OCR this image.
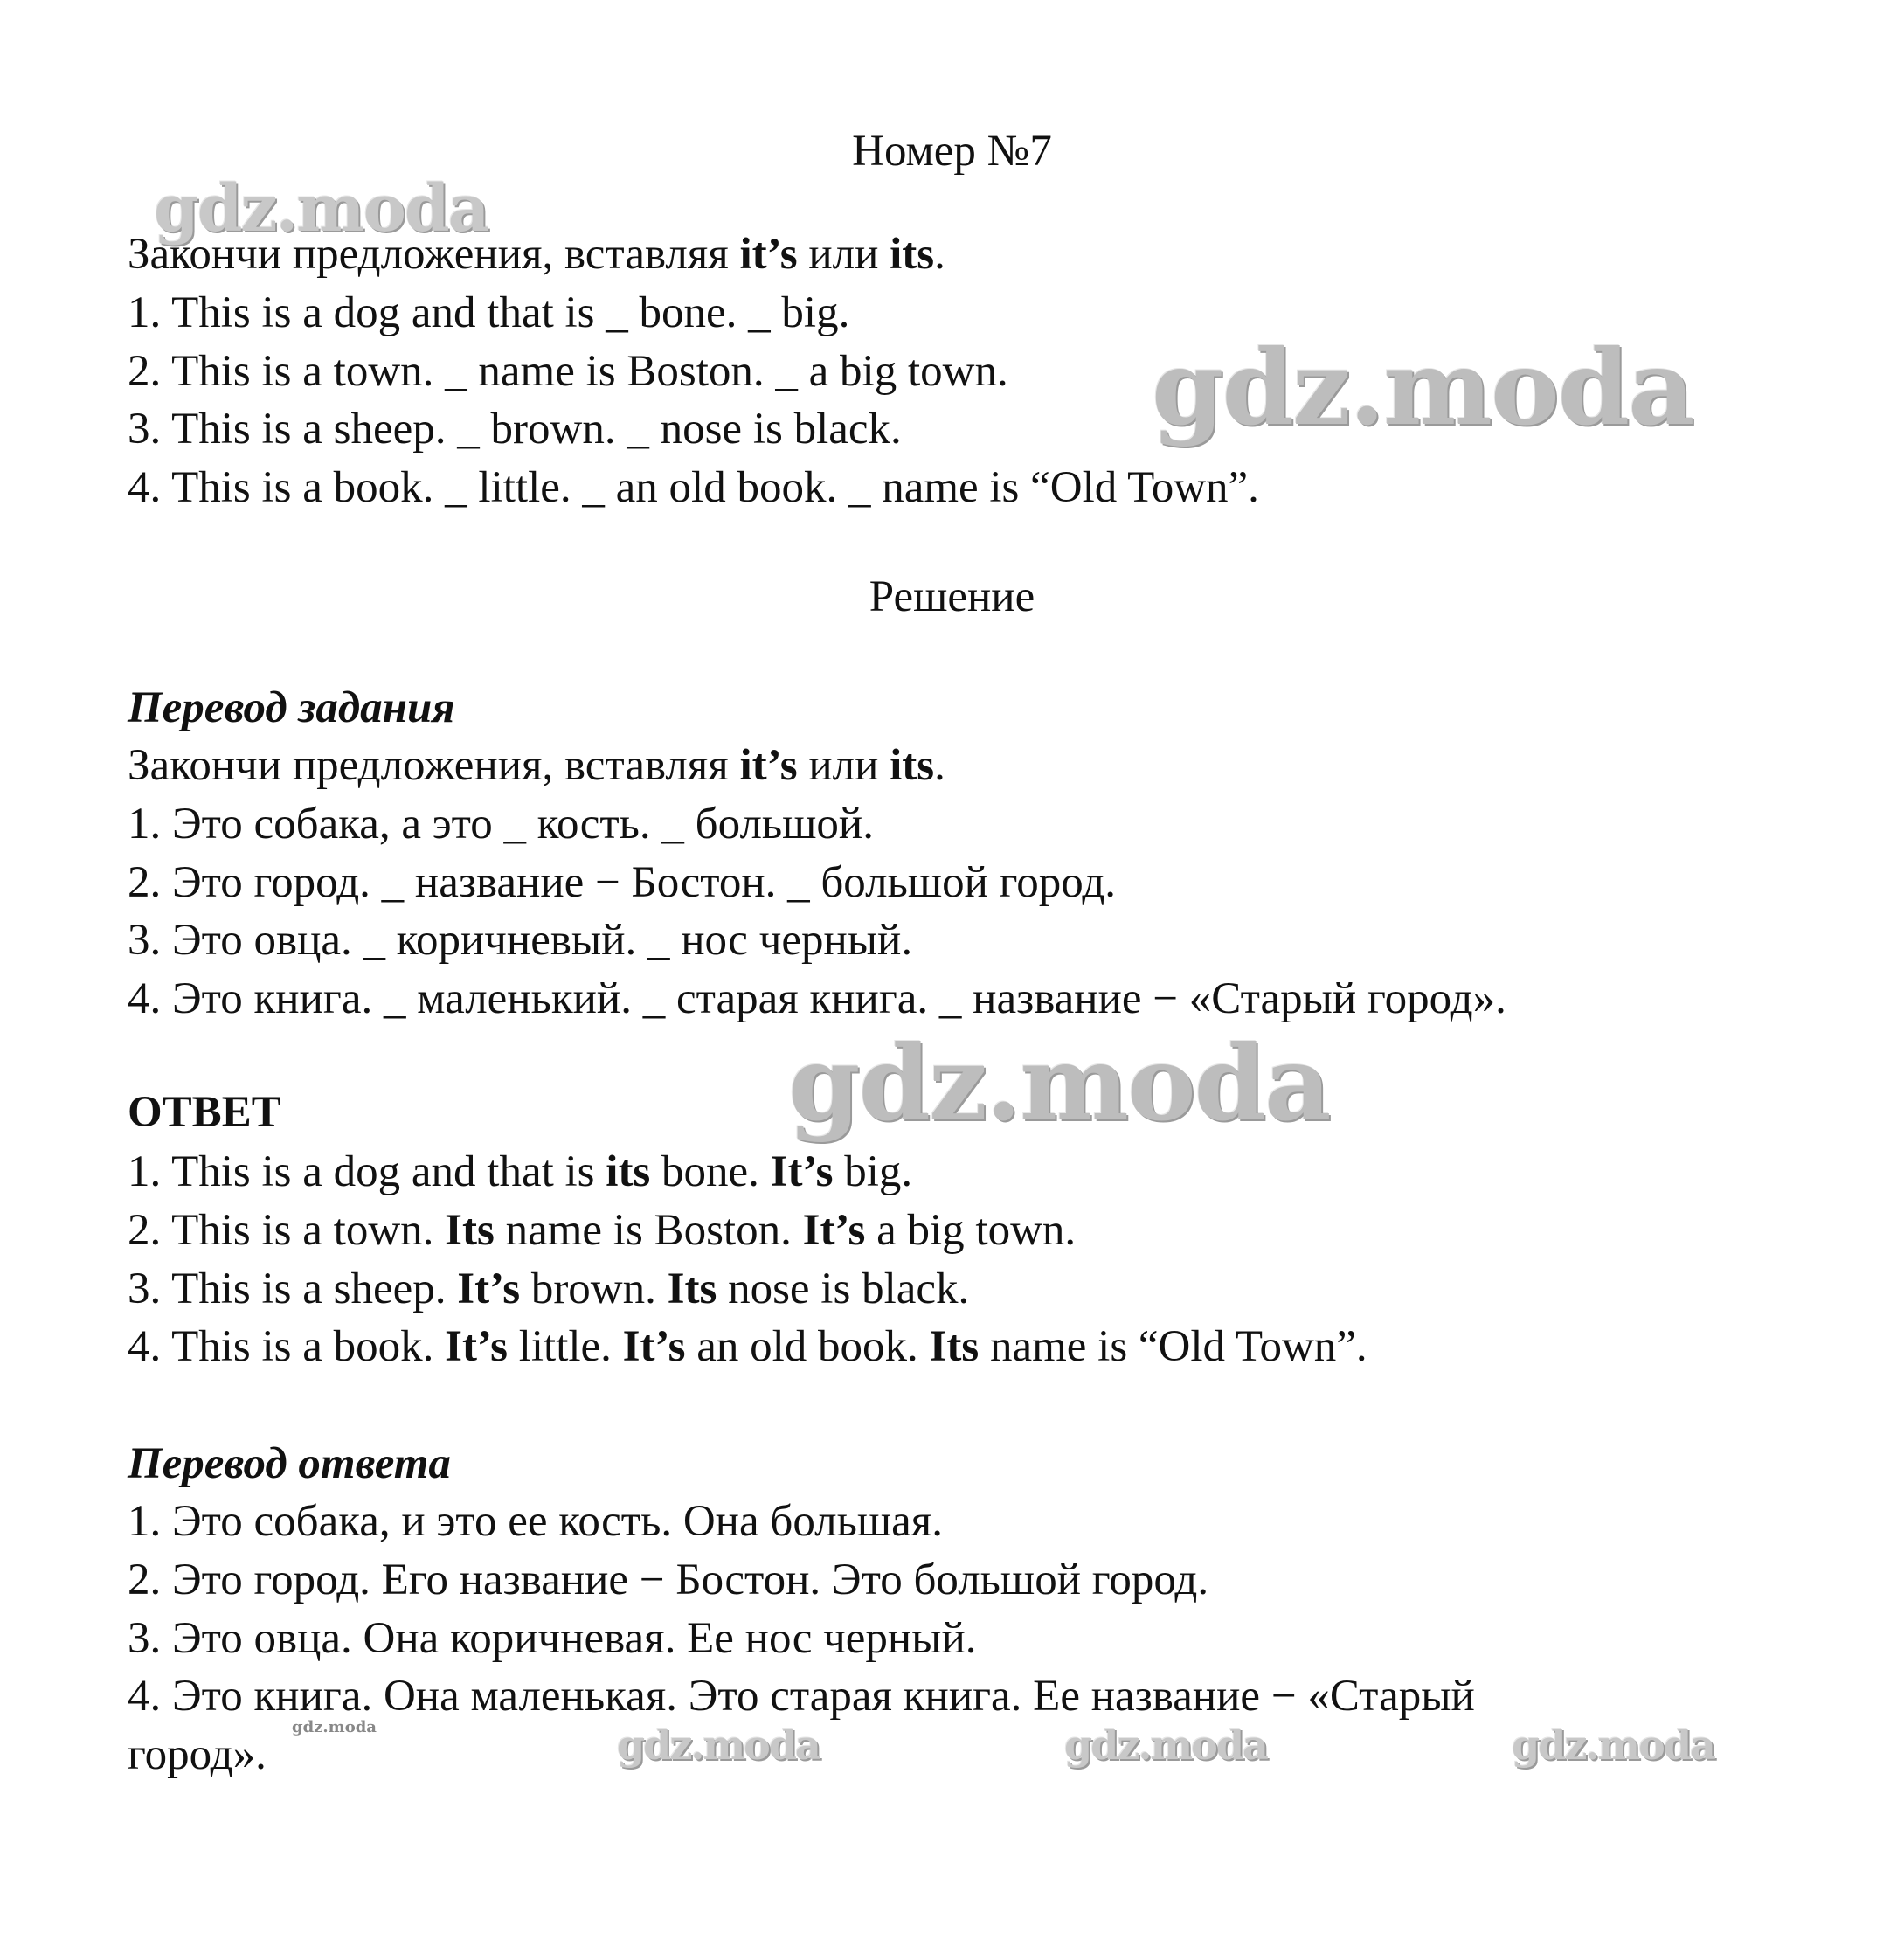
Номер №7
gdz.moda
gdz.moda
gdz.moda
gdz.moda	gdz.moda	gdz.moda	gdz.moda
Закончи предложения, вставляя it’s или its.
1. This is a dog and that is _ bone. _ big.
2. This is a town. _ name is Boston. _ a big town.
3. This is a sheep. _ brown. _ nose is black.
4. This is a book. _ little. _ an old book. _ name is “Old Town”.
Решение
Перевод задания
Закончи предложения, вставляя it’s или its.
1. Это собака, а это _ кость. _ большой.
2. Это город. _ название − Бостон. _ большой город.
3. Это овца. _ коричневый. _ нос черный.
4. Это книга. _ маленький. _ старая книга. _ название − «Старый город».
ОТВЕТ
1. This is a dog and that is its bone. It’s big.
2. This is a town. Its name is Boston. It’s a big town.
3. This is a sheep. It’s brown. Its nose is black.
4. This is a book. It’s little. It’s an old book. Its name is “Old Town”.
Перевод ответа
1. Это собака, и это ее кость. Она большая.
2. Это город. Его название − Бостон. Это большой город.
3. Это овца. Она коричневая. Ее нос черный.
4. Это книга. Она маленькая. Это старая книга. Ее название − «Старый
город».
